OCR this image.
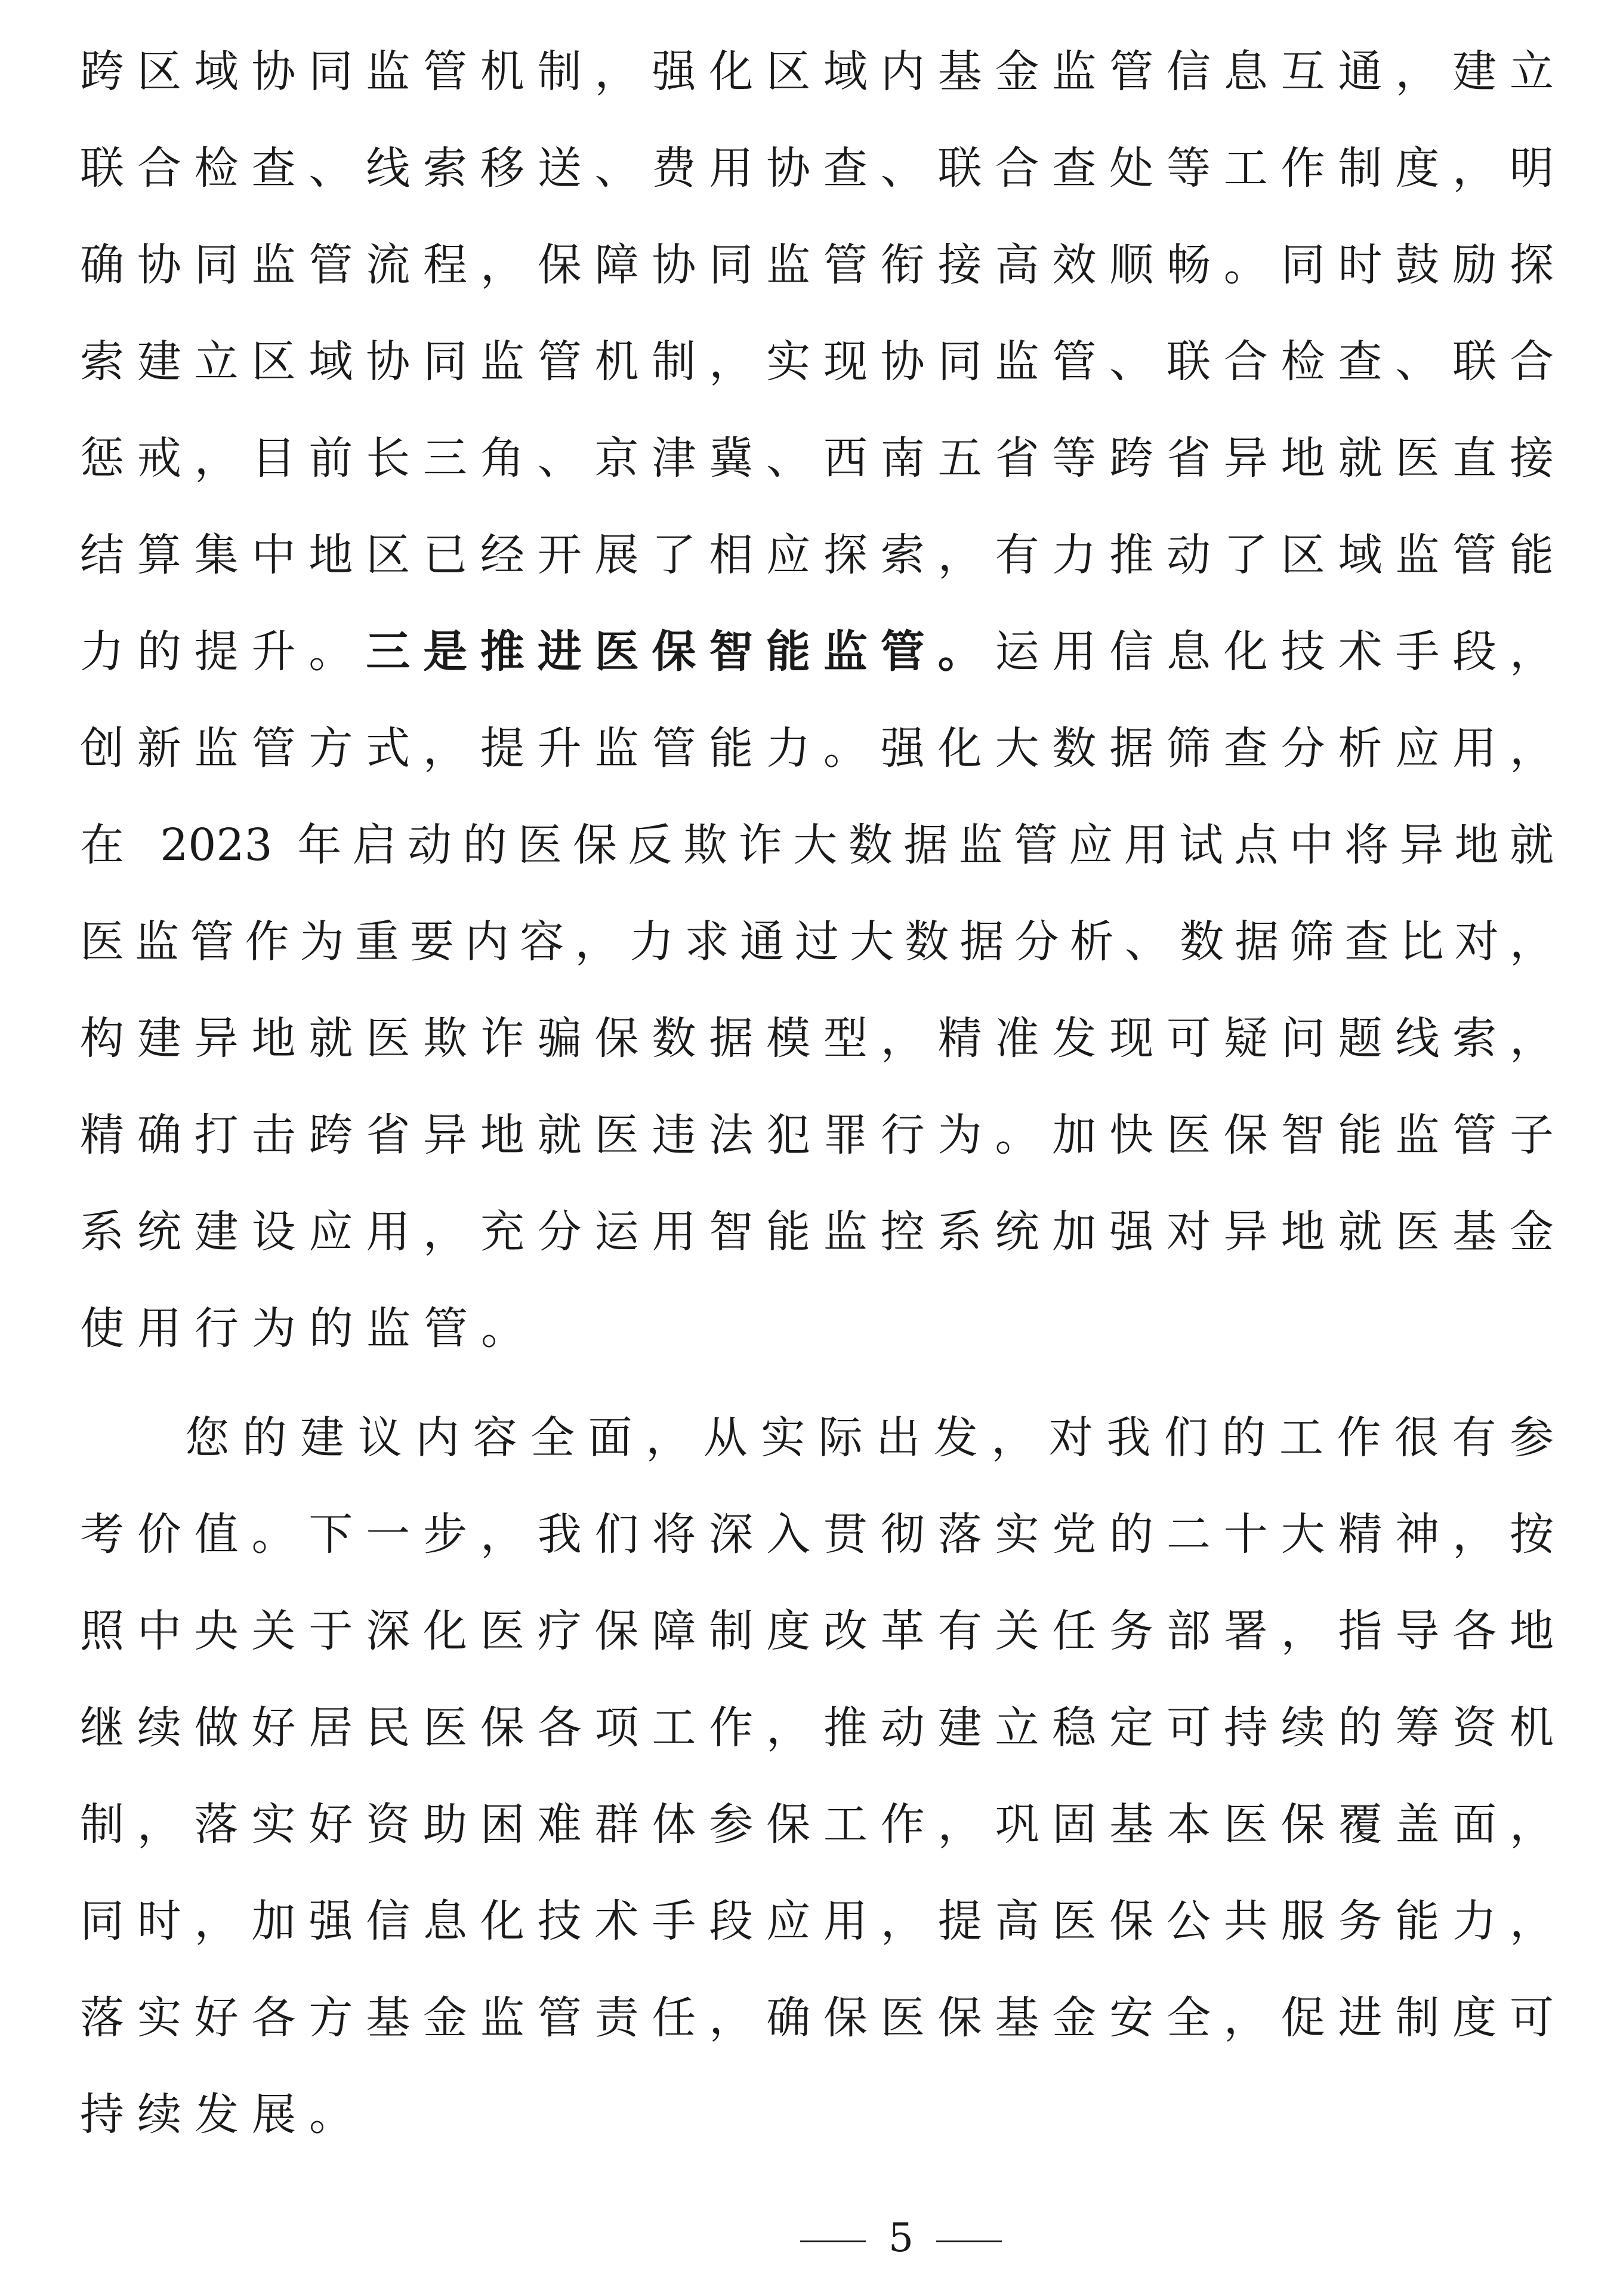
跨区域协同监管机制，强化区域内基金监管信息互通，建立
联合检查、线索移送、费用协查、联合查处等工作制度，明
确协同监管流程，保障协同监管衔接高效顺畅。同时鼓励探
索建立区域协同监管机制，实现协同监管、联合检查、联合
惩戒，目前长三角、京津冀、西南五省等跨省异地就医直接
结算集中地区已经开展了相应探索，有力推动了区域监管能
力的提升。三是推进医保智能监管。运用信息化技术手段，
创新监管方式，提升监管能力。强化大数据筛查分析应用，
在 2023 年启动的医保反欺诈大数据监管应用试点中将异地就
医监管作为重要内容，力求通过大数据分析、数据筛查比对，
构建异地就医欺诈骗保数据模型，精准发现可疑问题线索，
精确打击跨省异地就医违法犯罪行为。加快医保智能监管子
系统建设应用，充分运用智能监控系统加强对异地就医基金
使用行为的监管。
您的建议内容全面，从实际出发，对我们的工作很有参
考价值。下一步，我们将深入贯彻落实党的二十大精神，按
照中央关于深化医疗保障制度改革有关任务部署，指导各地
继续做好居民医保各项工作，推动建立稳定可持续的筹资机
制，落实好资助困难群体参保工作，巩固基本医保覆盖面，
同时，加强信息化技术手段应用，提高医保公共服务能力，
落实好各方基金监管责任，确保医保基金安全，促进制度可
持续发展。
5
